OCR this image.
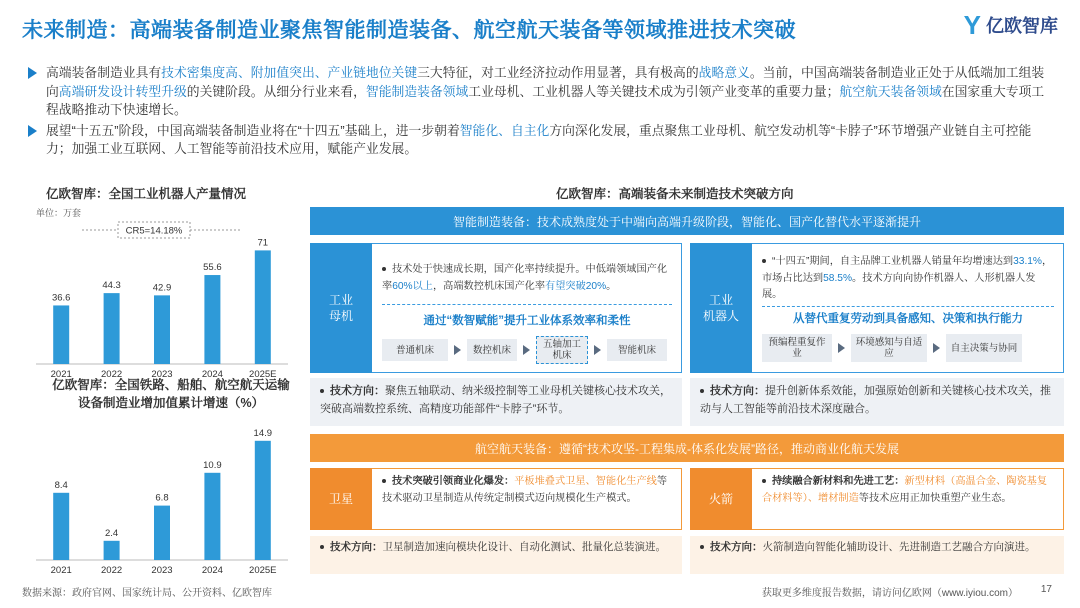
未来制造：高端装备制造业聚焦智能制造装备、航空航天装备等领域推进技术突破	Y 亿欧智库
高端装备制造业具有技术密集度高、附加值突出、产业链地位关键三大特征，对工业经济拉动作用显著，具有极高的战略意义。当前，中国高端装备制造业正处于从低端加工组装向高端研发设计转型升级的关键阶段。从细分行业来看，智能制造装备领域工业母机、工业机器人等关键技术成为引领产业变革的重要力量；航空航天装备领域在国家重大专项工程战略推动下快速增长。
展望“十五五”阶段，中国高端装备制造业将在“十四五”基础上，进一步朝着智能化、自主化方向深化发展，重点聚焦工业母机、航空发动机等“卡脖子”环节增强产业链自主可控能力；加强工业互联网、人工智能等前沿技术应用，赋能产业发展。
亿欧智库：全国工业机器人产量情况
36.6
2021
44.3
2022
42.9
2023
55.6
2024
71
2025E
单位：万套
CR5=14.18%
亿欧智库：全国铁路、船舶、航空航天运输
设备制造业增加值累计增速（%）
8.4
2021
2.4
2022
6.8
2023
10.9
2024
14.9
2025E
亿欧智库：高端装备未来制造技术突破方向
智能制造装备：技术成熟度处于中端向高端升级阶段，智能化、国产化替代水平逐渐提升
工业
母机
技术处于快速成长期，国产化率持续提升。中低端领域国产化率60%以上，高端数控机床国产化率有望突破20%。
通过“数智赋能”提升工业体系效率和柔性
普通机床	数控机床	五轴加工机床	智能机床
技术方向：聚焦五轴联动、纳米级控制等工业母机关键核心技术攻关，突破高端数控系统、高精度功能部件“卡脖子”环节。
工业
机器人
“十四五”期间，自主品牌工业机器人销量年均增速达到33.1%，市场占比达到58.5%。技术方向向协作机器人、人形机器人发展。
从替代重复劳动到具备感知、决策和执行能力
预编程重复作业
环境感知与自适应	自主决策与协同
技术方向：提升创新体系效能，加强原始创新和关键核心技术攻关，推动与人工智能等前沿技术深度融合。
航空航天装备：遵循“技术攻坚-工程集成-体系化发展”路径，推动商业化航天发展
卫星
技术突破引领商业化爆发：平板堆叠式卫星、智能化生产线等技术驱动卫星制造从传统定制模式迈向规模化生产模式。
技术方向：卫星制造加速向模块化设计、自动化测试、批量化总装演进。
火箭
持续融合新材料和先进工艺：新型材料（高温合金、陶瓷基复合材料等）、增材制造等技术应用正加快重塑产业生态。
技术方向：火箭制造向智能化辅助设计、先进制造工艺融合方向演进。
数据来源：政府官网、国家统计局、公开资料、亿欧智库	获取更多维度报告数据，请访问亿欧网（www.iyiou.com） 17
